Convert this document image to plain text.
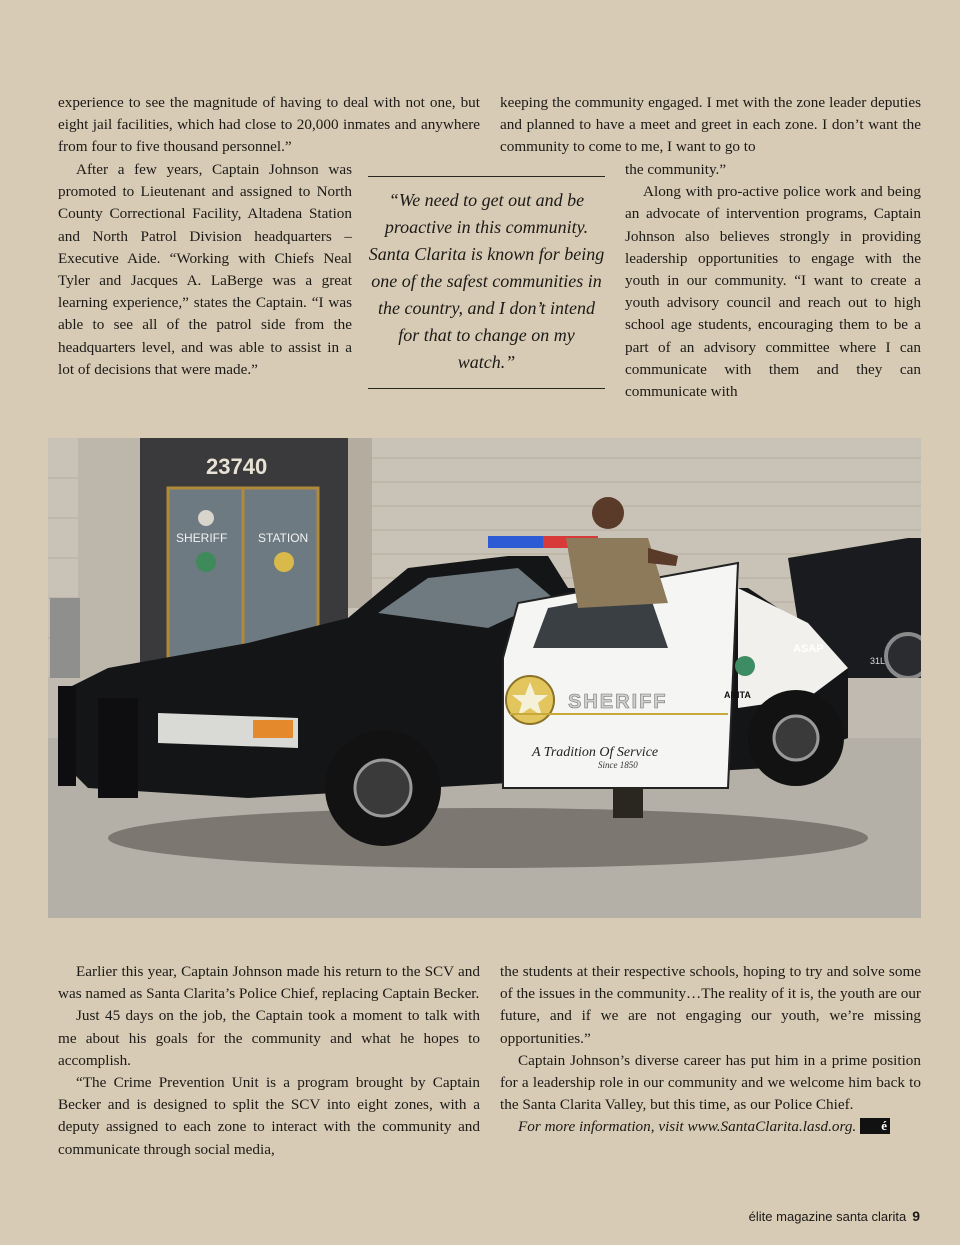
experience to see the magnitude of having to deal with not one, but eight jail facilities, which had close to 20,000 inmates and anywhere from four to five thousand personnel.”

After a few years, Captain Johnson was promoted to Lieutenant and assigned to North County Correctional Facility, Altadena Station and North Patrol Division headquarters –Executive Aide. “Working with Chiefs Neal Tyler and Jacques A. LaBerge was a great learning experience,” states the Captain. “I was able to see all of the patrol side from the headquarters level, and was able to assist in a lot of decisions that were made.”

keeping the community engaged. I met with the zone leader deputies and planned to have a meet and greet in each zone. I don’t want the community to come to me, I want to go to

the community.”

Along with pro-active police work and being an advocate of intervention programs, Captain Johnson also believes strongly in providing leadership opportunities to engage with the youth in our community. “I want to create a youth advisory council and reach out to high school age students, encouraging them to be a part of an advisory committee where I can communicate with them and they can communicate with

“We need to get out and be proactive in this community. Santa Clarita is known for being one of the safest communities in the country, and I don’t intend for that to change on my watch.”
23740
SHERIFF	STATION
ASAP
31L
ARITA
SHERIFF
A Tradition Of Service
Since 1850

Earlier this year, Captain Johnson made his return to the SCV and was named as Santa Clarita’s Police Chief, replacing Captain Becker.

Just 45 days on the job, the Captain took a moment to talk with me about his goals for the community and what he hopes to accomplish.

“The Crime Prevention Unit is a program brought by Captain Becker and is designed to split the SCV into eight zones, with a deputy assigned to each zone to interact with the community and communicate through social media,

the students at their respective schools, hoping to try and solve some of the issues in the community…The reality of it is, the youth are our future, and if we are not engaging our youth, we’re missing opportunities.”

Captain Johnson’s diverse career has put him in a prime position for a leadership role in our community and we welcome him back to the Santa Clarita Valley, but this time, as our Police Chief.

For more information, visit www.SantaClarita.lasd.org. é

élite magazine santa clarita 9
